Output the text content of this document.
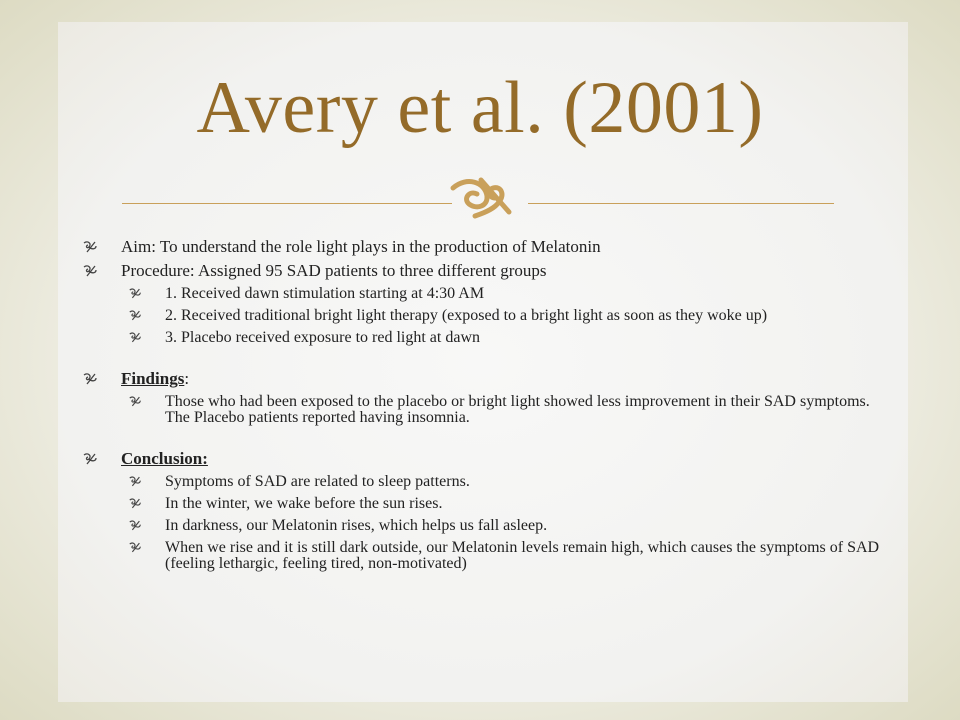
Avery et al. (2001)
Aim: To understand the role light plays in the production of Melatonin
Procedure: Assigned 95 SAD patients to three different groups
1. Received dawn stimulation starting at 4:30 AM
2. Received traditional bright light therapy (exposed to a bright light as soon as they woke up)
3. Placebo received exposure to red light at dawn
Findings:
Those who had been exposed to the placebo or bright light showed less improvement in their SAD symptoms. The Placebo patients reported having insomnia.
Conclusion:
Symptoms of SAD are related to sleep patterns.
In the winter, we wake before the sun rises.
In darkness, our Melatonin rises, which helps us fall asleep.
When we rise and it is still dark outside, our Melatonin levels remain high, which causes the symptoms of SAD (feeling lethargic, feeling tired, non-motivated)
